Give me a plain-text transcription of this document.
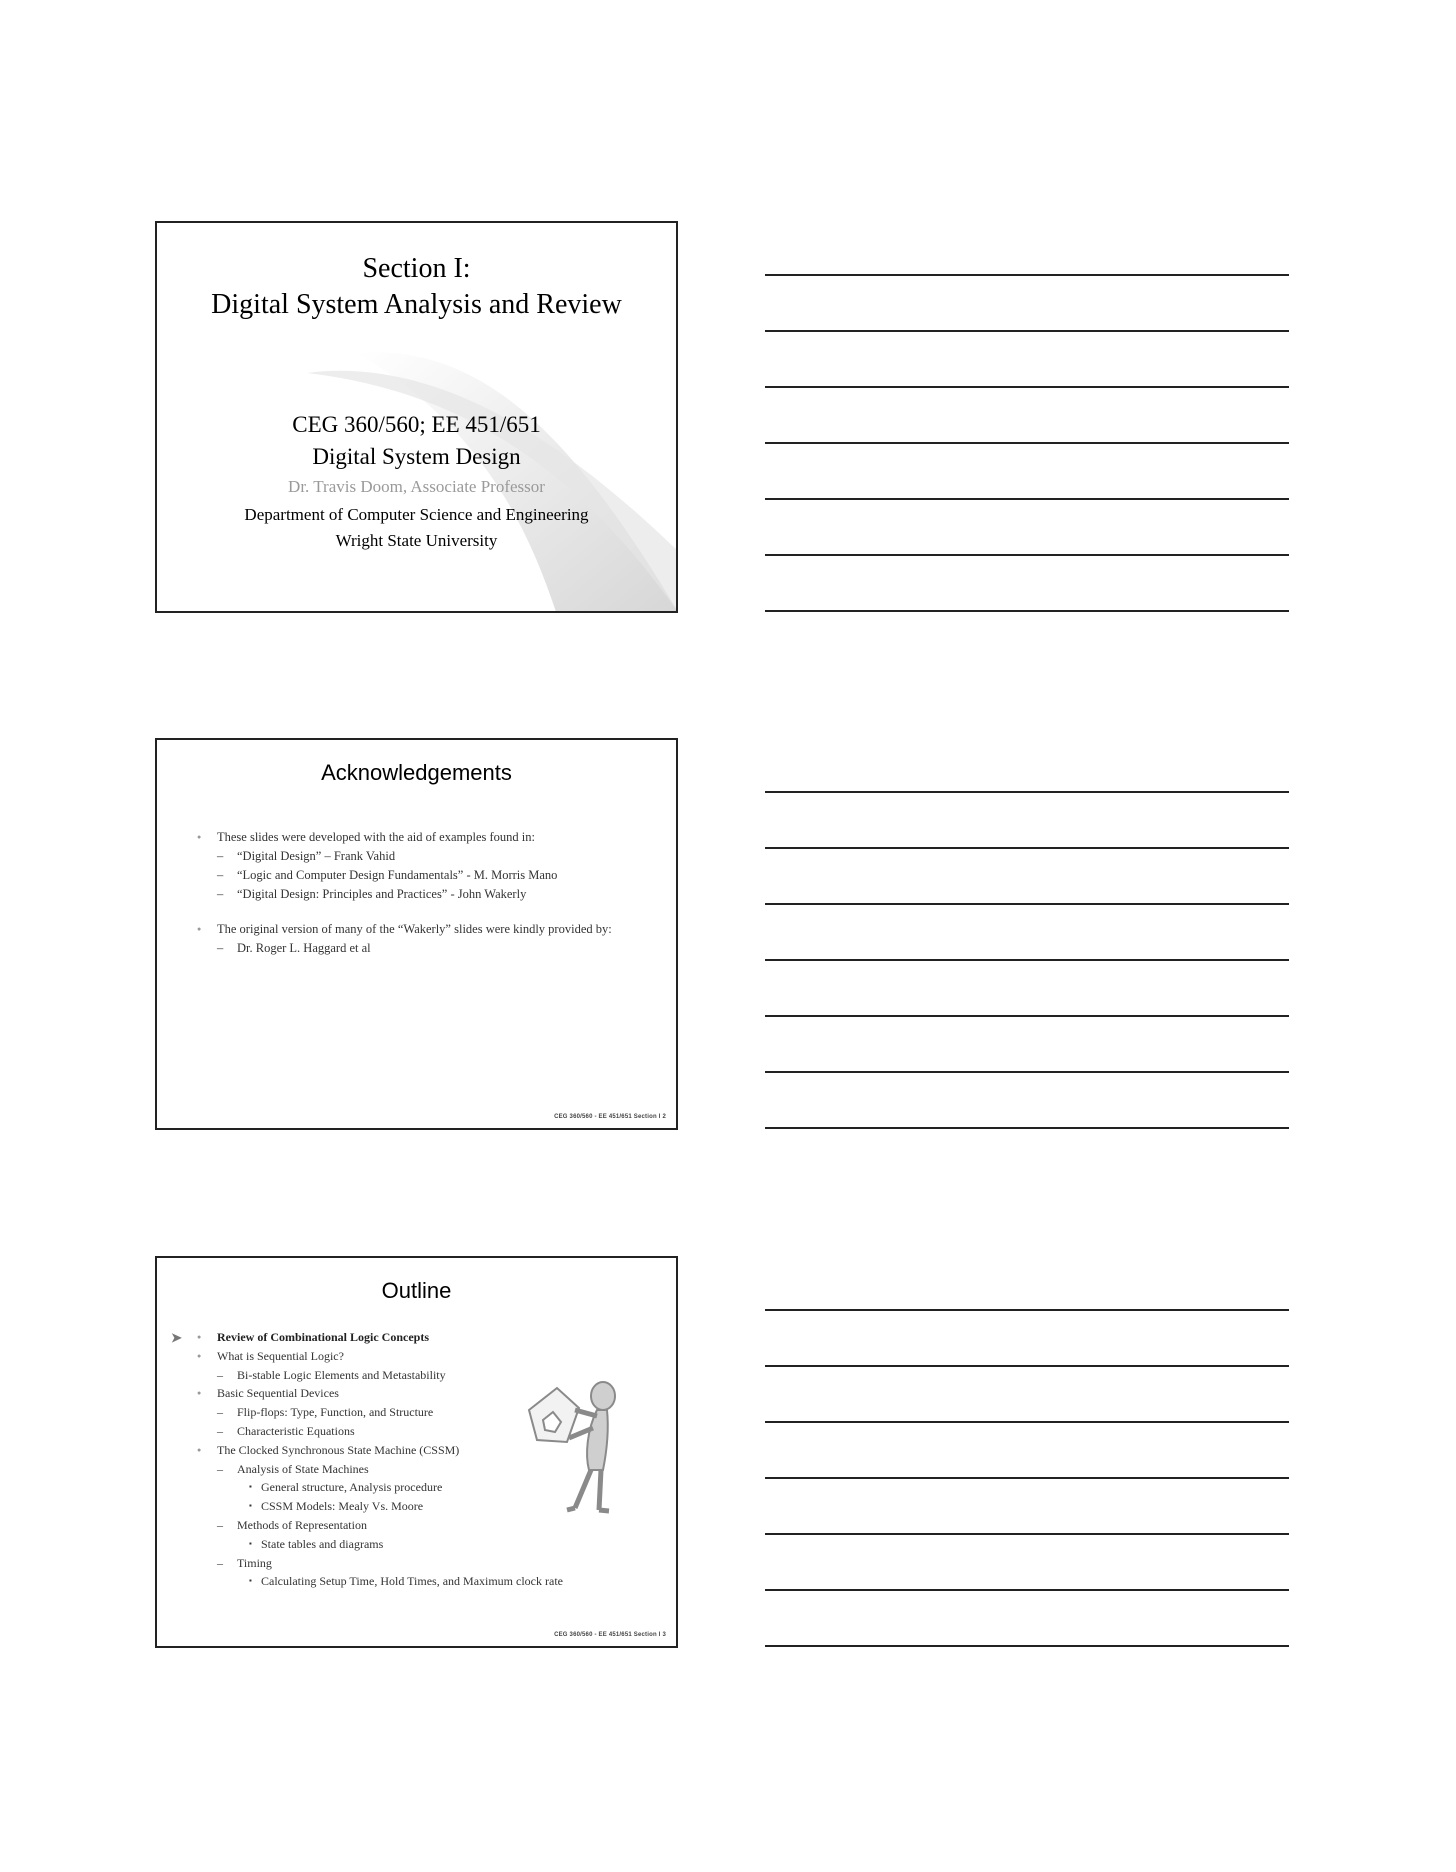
Section I:
Digital System Analysis and Review
CEG 360/560; EE 451/651
Digital System Design
Dr. Travis Doom, Associate Professor
Department of Computer Science and Engineering
Wright State University
Acknowledgements
● These slides were developed with the aid of examples found in:
– “Digital Design” – Frank Vahid
– “Logic and Computer Design Fundamentals” - M. Morris Mano
– “Digital Design: Principles and Practices” - John Wakerly
● The original version of many of the “Wakerly” slides were kindly provided by:
– Dr. Roger L. Haggard et al
CEG 360/560 - EE 451/651 Section I 2
Outline
● ➤	Review of Combinational Logic Concepts
● What is Sequential Logic?
– Bi-stable Logic Elements and Metastability
● Basic Sequential Devices
– Flip-flops: Type, Function, and Structure
– Characteristic Equations
● The Clocked Synchronous State Machine (CSSM)
– Analysis of State Machines
▪ General structure, Analysis procedure
▪ CSSM Models: Mealy Vs. Moore
– Methods of Representation
▪ State tables and diagrams
– Timing
▪ Calculating Setup Time, Hold Times, and Maximum clock rate
CEG 360/560 - EE 451/651 Section I 3
